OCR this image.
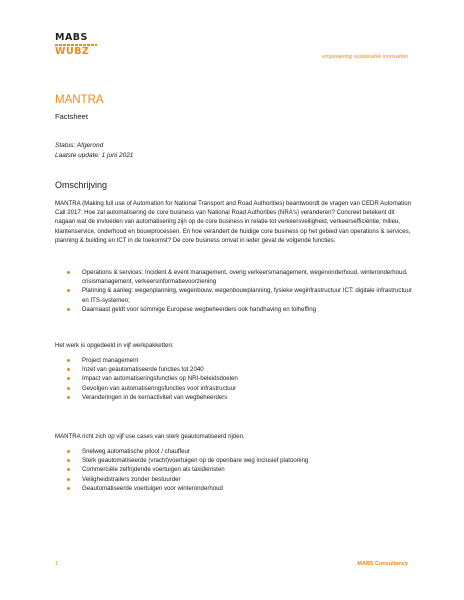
MABS
WUBZ	empowering sustainable innovation
MANTRA
Factsheet
Status: Afgerond
Laatste update: 1 juni 2021
Omschrijving
MANTRA (Making full use of Automation for National Transport and Road Authorities) beantwoordt de vragen van CEDR Automation Call 2017: Hoe zal automatisering de core business van National Road Authorities (NRA's) veranderen? Concreet betekent dit nagaan wat de invloeden van automatisering zijn op de core business in relatie tot verkeersveiligheid, verkeersefficiëntie, milieu, klantenservice, onderhoud en bouwprocessen. En hoe verandert de huidige core business op het gebied van operations & services, planning & building en ICT in de toekomst? De core business omvat in ieder geval de volgende functies:
Operations & services: Incident & event management, overig verkeersmanagement, wegenonderhoud, winteronderhoud, crisismanagement, verkeersinformatievoorziening
Planning & aanleg: wegenplanning, wegenbouw, wegenbouwplanning, fysieke weginfrastructuur ICT: digitale infrastructuur en ITS-systemen;
Daarnaast geldt voor sommige Europese wegbeheerders ook handhaving en tolheffing
Het werk is opgedeeld in vijf werkpakketten:
Project management
Inzet van geautomatiseerde functies tot 2040
Impact van automatiseringsfuncties op NRI-beleidsdoelen
Gevolgen van automatiseringsfuncties voor infrastructuur
Veranderingen in de kernactiviteit van wegbeheerders
MANTRA richt zich op vijf use cases van sterk geautomatiseerd rijden.
Snelweg automatische piloot / chauffeur
Sterk geautomatiseerde (vracht)voertuigen op de openbare weg inclusief platooning
Commerciële zelfrijdende voertuigen als taxidiensten
Veiligheidstrailers zonder bestuurder
Geautomatiseerde voertuigen voor winteronderhoud
1	MABS Consultancy
